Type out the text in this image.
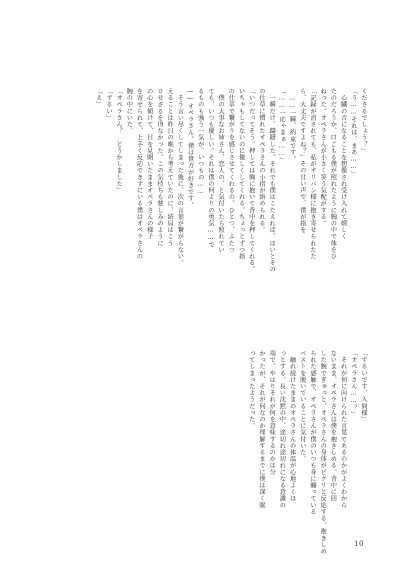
くださるでしょう？」
「う……それは、まあ……」
　心臓の音になることを想像され受け入れて嬉しく
たのだろうか、口ごもる僕が照れたように胸の中で体をひ
ねった。オペラさんが小さく笑う気配がする。
「記録が消されても、私がオリバン様に抱き寄せられたた
ら、大丈夫ですよね？」その甘い声で、僕が指を
　……一瞬、約束です。
「……一応ゃまぁ……」
　一瞬だけ、躊躇した。それでも僕はこたえれば、ほいとその
の仕草に慣れたオペラさんの小指が絡められる。
「いつだってそう、押しては胸に抱いて背中を押してくれる。
いちゃもしてないのに優しくしてくれる。ちょっとずつ指
の仕草で繋がりを感じさせてくれるの。ひとつ、ふたつ
　僕の大事なお姉さん、恋人の、と気付いたら照れてい
ても、いつも優しい。それは僕の何よりの勇気……で
るものも強う一気が、いつもの……
――オペラさん。僕は貴方が好きです。
　そう言い尽くしてしまった後に、次の言葉が繋がらない。
えることは昨日の晩から考えていたのに、結局はこう
ロせざるを得なかった。この気持ちも慈しみのように
の心を傾けて、目を見開いたままオペラさんの様子
を寄せられて、上手く反応できずにいる僕はオペラさんの
腕の中にいた。
「オペラさん？　どうかしました」
「ずるい」
「え」
「ずるいです、入間様」
「オペラさん……？」
　それが何に向けられた言葉であるのかがよくわから
ないまま、オペラさんは僕を抱きしめる。背中に回
した腕でぎゅっと、オペラさんの身体がピクリと反応する。抱きしめ
られた感触で、オペラさんが僕のいつも身に纏っている
ベストを脱いでいることに気付いた。
　触れ続けたままのオペラさんの体温が心地よくほ
っとする。長い沈黙の中、途切れ途切れになる意識の
端で、やはりそれが何を意味するのかは分
かったが、それが何なのか理解するまでに僕は深く眠
ってしまったようだった。
10
